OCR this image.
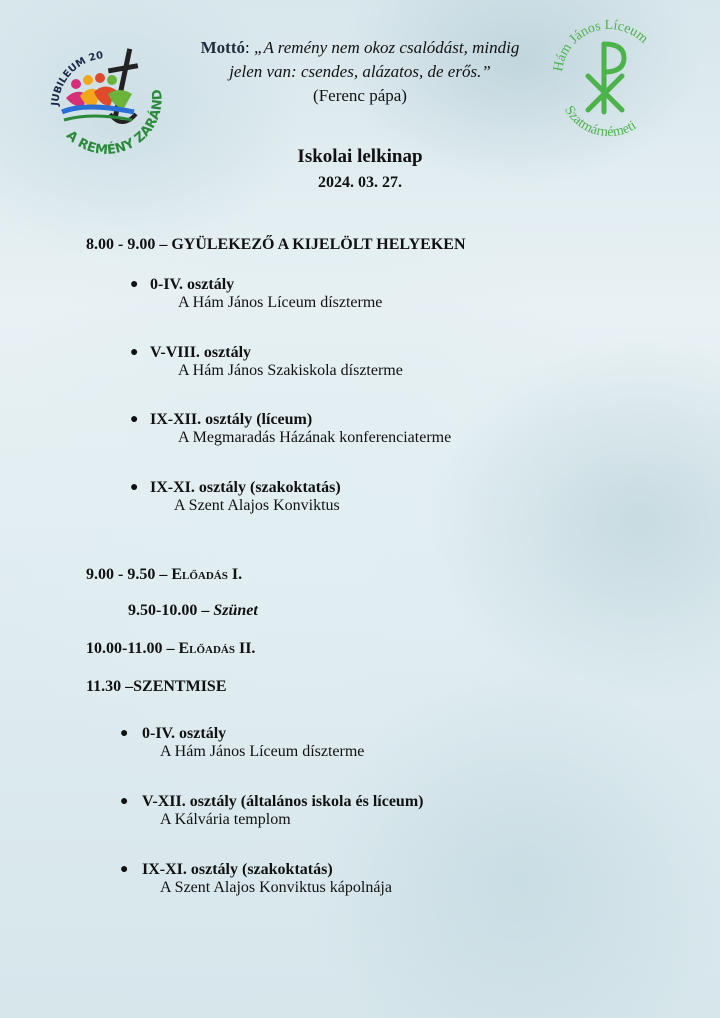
JUBILEUM 20
A REMÉNY ZARÁND
Hám János Líceum
Szatmárnémeti
Mottó: „A remény nem okoz csalódást, mindig
jelen van: csendes, alázatos, de erős.”
(Ferenc pápa)
Iskolai lelkinap
2024. 03. 27.
8.00 - 9.00 – GYÜLEKEZŐ A KIJELÖLT HELYEKEN
● 0-IV. osztály
A Hám János Líceum díszterme
● V-VIII. osztály
A Hám János Szakiskola díszterme
● IX-XII. osztály (líceum)
A Megmaradás Házának konferenciaterme
● IX-XI. osztály (szakoktatás)
A Szent Alajos Konviktus
9.00 - 9.50 – Előadás I.
9.50-10.00 – Szünet
10.00-11.00 – Előadás II.
11.30 –SZENTMISE
● 0-IV. osztály
A Hám János Líceum díszterme
● V-XII. osztály (általános iskola és líceum)
A Kálvária templom
● IX-XI. osztály (szakoktatás)
A Szent Alajos Konviktus kápolnája
